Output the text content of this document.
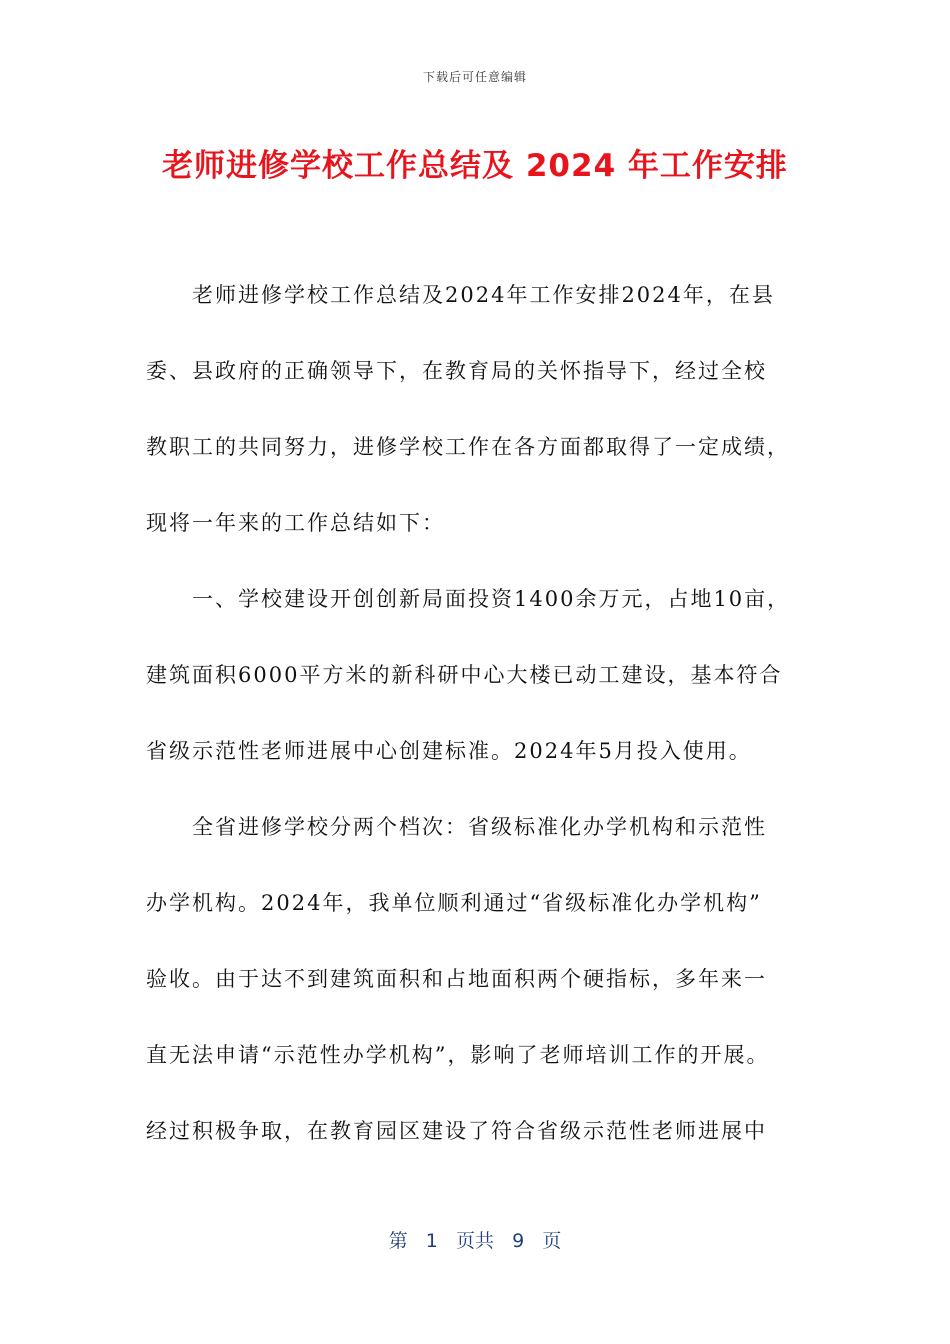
下载后可任意编辑
老师进修学校工作总结及 2024 年工作安排
老师进修学校工作总结及2024年工作安排2024年，在县
委、县政府的正确领导下，在教育局的关怀指导下，经过全校
教职工的共同努力，进修学校工作在各方面都取得了一定成绩，
现将一年来的工作总结如下：
一、学校建设开创创新局面投资1400余万元，占地10亩，
建筑面积6000平方米的新科研中心大楼已动工建设，基本符合
省级示范性老师进展中心创建标准。2024年5月投入使用。
全省进修学校分两个档次：省级标准化办学机构和示范性
办学机构。2024年，我单位顺利通过“省级标准化办学机构”
验收。由于达不到建筑面积和占地面积两个硬指标，多年来一
直无法申请“示范性办学机构”，影响了老师培训工作的开展。
经过积极争取，在教育园区建设了符合省级示范性老师进展中
第 1 页共 9 页
